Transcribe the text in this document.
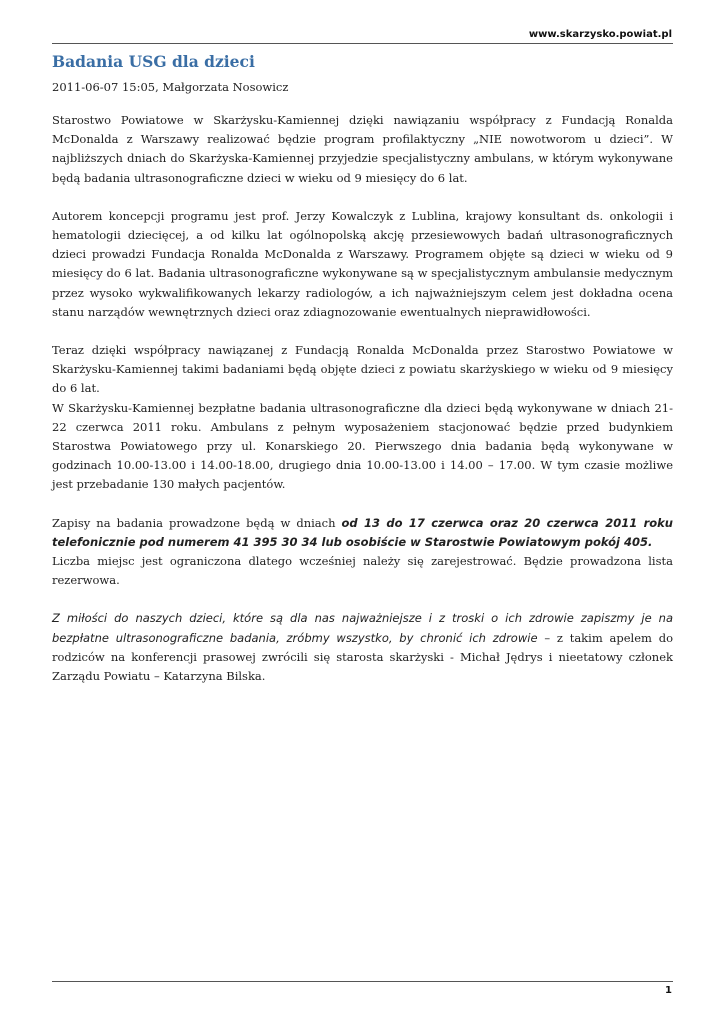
www.skarzysko.powiat.pl
Badania USG dla dzieci
2011-06-07 15:05, Małgorzata Nosowicz

Starostwo Powiatowe w Skarżysku-Kamiennej dzięki nawiązaniu współpracy z Fundacją Ronalda McDonalda z Warszawy realizować będzie program profilaktyczny „NIE nowotworom u dzieci”. W najbliższych dniach do Skarżyska-Kamiennej przyjedzie specjalistyczny ambulans, w którym wykonywane będą badania ultrasonograficzne dzieci w wieku od 9 miesięcy do 6 lat.

Autorem koncepcji programu jest prof. Jerzy Kowalczyk z Lublina, krajowy konsultant ds. onkologii i hematologii dziecięcej, a od kilku lat ogólnopolską akcję przesiewowych badań ultrasonograficznych dzieci prowadzi Fundacja Ronalda McDonalda z Warszawy. Programem objęte są dzieci w wieku od 9 miesięcy do 6 lat. Badania ultrasonograficzne wykonywane są w specjalistycznym ambulansie medycznym przez wysoko wykwalifikowanych lekarzy radiologów, a ich najważniejszym celem jest dokładna ocena stanu narządów wewnętrznych dzieci oraz zdiagnozowanie ewentualnych nieprawidłowości.

Teraz dzięki współpracy nawiązanej z Fundacją Ronalda McDonalda przez Starostwo Powiatowe w Skarżysku-Kamiennej takimi badaniami będą objęte dzieci z powiatu skarżyskiego w wieku od 9 miesięcy do 6 lat.

W Skarżysku-Kamiennej bezpłatne badania ultrasonograficzne dla dzieci będą wykonywane w dniach 21-22 czerwca 2011 roku. Ambulans z pełnym wyposażeniem stacjonować będzie przed budynkiem Starostwa Powiatowego przy ul. Konarskiego 20. Pierwszego dnia badania będą wykonywane w godzinach 10.00-13.00 i 14.00-18.00, drugiego dnia 10.00-13.00 i 14.00 – 17.00. W tym czasie możliwe jest przebadanie 130 małych pacjentów.

Zapisy na badania prowadzone będą w dniach od 13 do 17 czerwca oraz 20 czerwca 2011 roku telefonicznie pod numerem 41 395 30 34 lub osobiście w Starostwie Powiatowym pokój 405.
Liczba miejsc jest ograniczona dlatego wcześniej należy się zarejestrować. Będzie prowadzona lista rezerwowa.

Z miłości do naszych dzieci, które są dla nas najważniejsze i z troski o ich zdrowie zapiszmy je na bezpłatne ultrasonograficzne badania, zróbmy wszystko, by chronić ich zdrowie – z takim apelem do rodziców na konferencji prasowej zwrócili się starosta skarżyski - Michał Jędrys i nieetatowy członek Zarządu Powiatu – Katarzyna Bilska.

1
